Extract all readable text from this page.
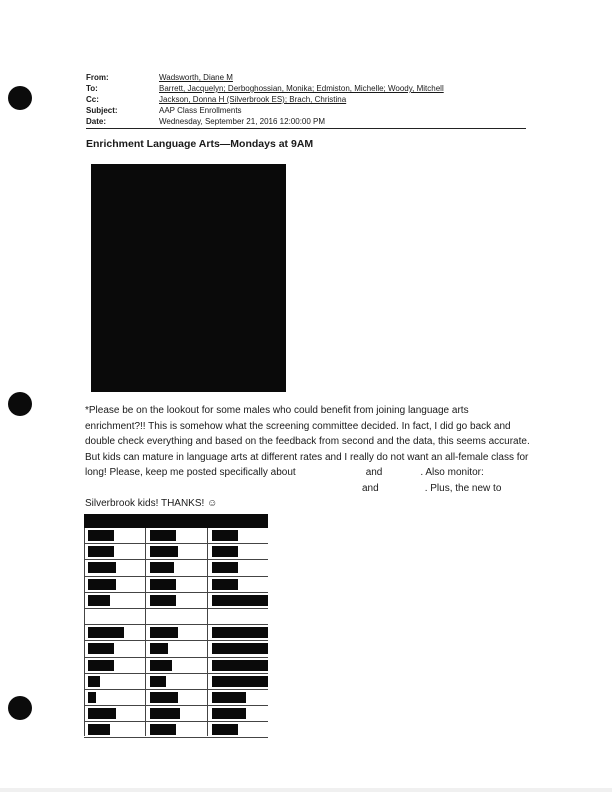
From:	Wadsworth, Diane M
To:	Barrett, Jacquelyn; Derboghossian, Monika; Edmiston, Michelle; Woody, Mitchell
Cc:	Jackson, Donna H (Silverbrook ES); Brach, Christina
Subject:	AAP Class Enrollments
Date:	Wednesday, September 21, 2016 12:00:00 PM
Enrichment Language Arts—Mondays at 9AM

*Please be on the lookout for some males who could benefit from joining language arts

enrichment?!! This is somehow what the screening committee decided. In fact, I did go back and

double check everything and based on the feedback from second and the data, this seems accurate.

But kids can mature in language arts at different rates and I really do not want an all-female class for

long! Please, keep me posted specifically about	and	. Also monitor:

and	. Plus, the new to

Silverbrook kids! THANKS! ☺
